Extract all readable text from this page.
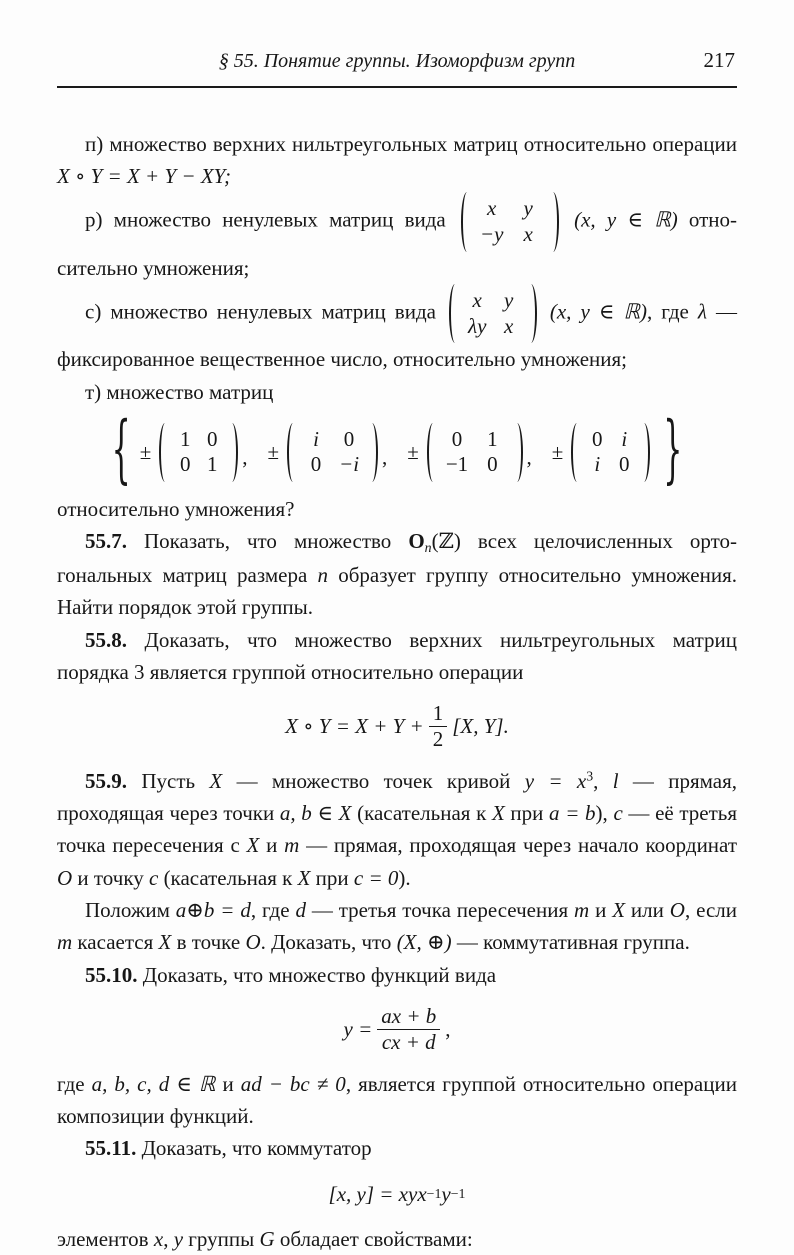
§ 55. Понятие группы. Изоморфизм групп	217

п) множество верхних нильтреугольных матриц относительно операции X ∘ Y = X + Y − XY;

р) множество ненулевых матриц вида	x	y
−y x
(x, y ∈ ℝ) относительно умножения;

с) множество ненулевых матриц вида x y
λy x
(x, y ∈ ℝ), где λ — фиксированное вещественное число, относительно умножения;

т) множество матриц

{ ±
1 0
0 1 , ±
i	0
0 −i , ±
0 1
−1 0 , ±
0 i
i 0 }

относительно умножения?

55.7. Показать, что множество $O_n(ℤ)$ всех целочисленных ортогональных матриц размера n образует группу относительно умножения. Найти порядок этой группы.

55.8. Доказать, что множество верхних нильтреугольных матриц порядка 3 является группой относительно операции

X ∘ $Y = X + Y + \frac{1}{2} [X$, Y].

55.9. Пусть X — множество точек кривой $y = x^3$, l — прямая, проходящая через точки a, b ∈ X (касательная к X при a = b), c — её третья точка пересечения с X и m — прямая, проходящая через начало координат O и точку c (касательная к X при c = 0).

Положим a⊕b = d, где d — третья точка пересечения m и X или O, если m касается X в точке O. Доказать, что (X, ⊕) — коммутативная группа.

55.10. Доказать, что множество функций вида

$y = \frac{ax + b}{cx + d}$ ,

где a, b, c, d ∈ ℝ и ad − bc ≠ 0, является группой относительно операции композиции функций.

55.11. Доказать, что коммутатор

[x, y] = xyx −1 y −1

элементов x, y группы G обладает свойствами:
